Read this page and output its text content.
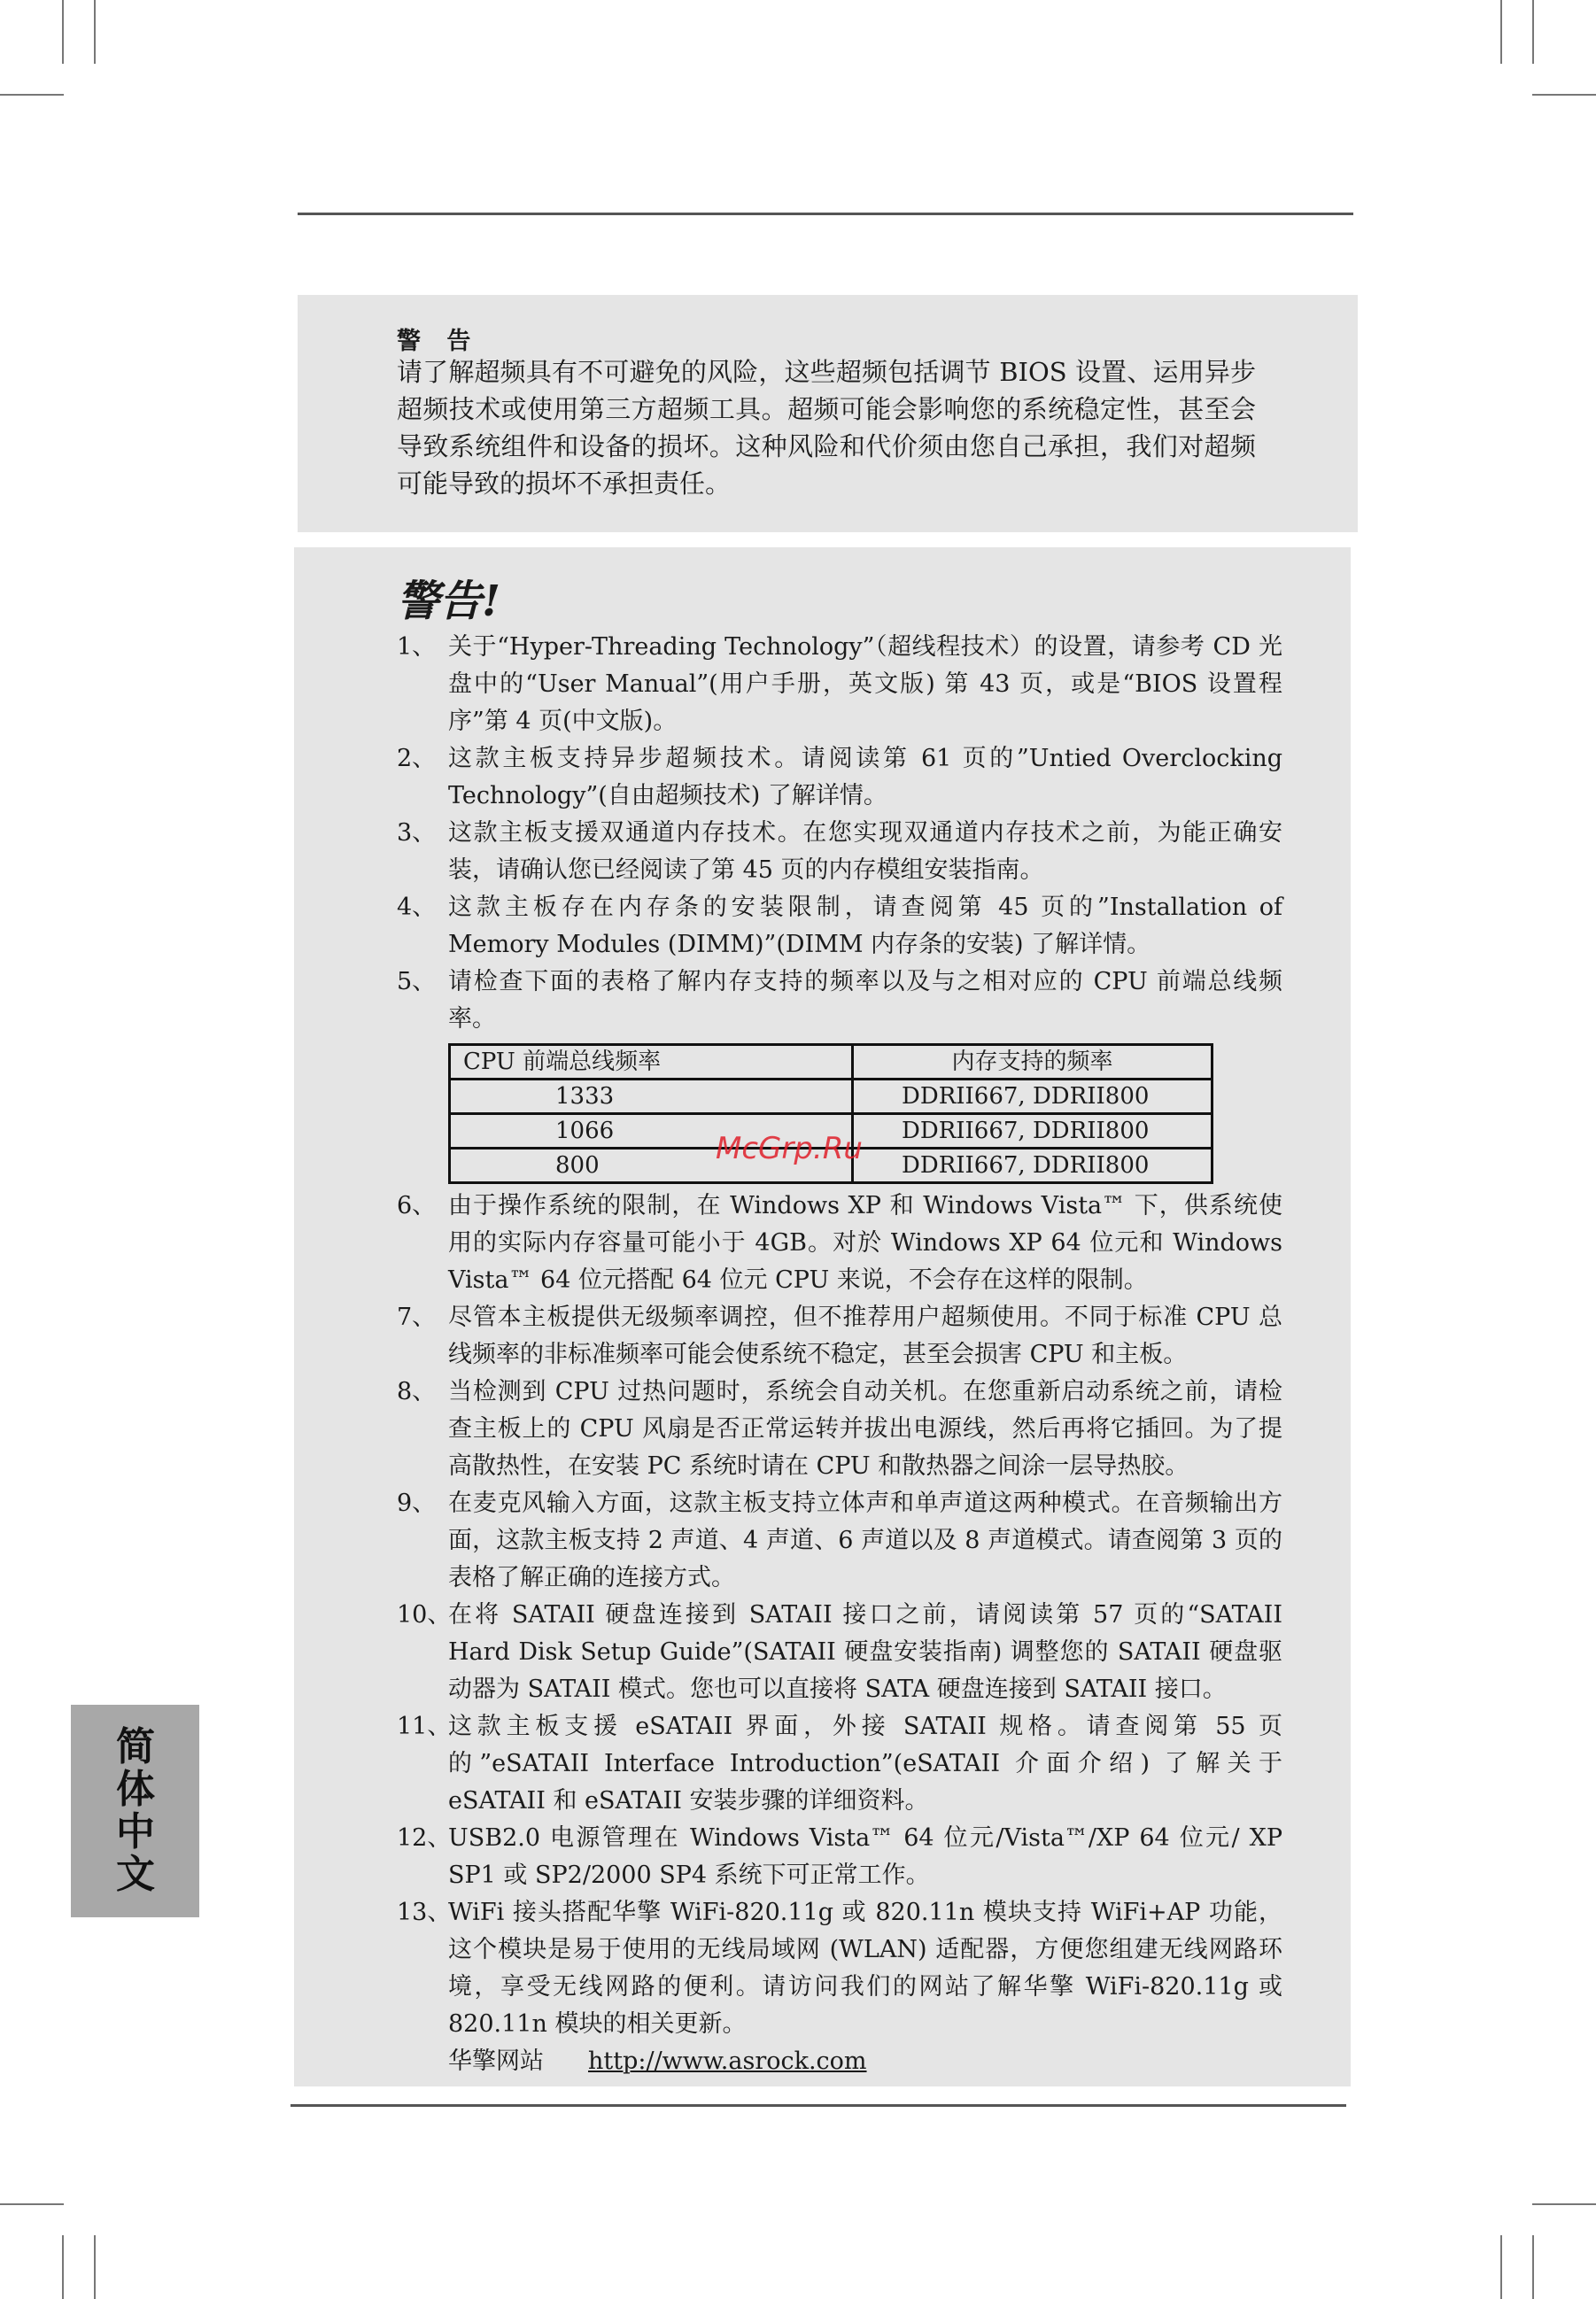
警 告
请了解超频具有不可避免的风险，这些超频包括调节 BIOS 设置、运用异步超频技术或使用第三方超频工具。超频可能会影响您的系统稳定性，甚至会导致系统组件和设备的损坏。这种风险和代价须由您自己承担，我们对超频可能导致的损坏不承担责任。
警告!
1、 关于“Hyper-Threading Technology”（超线程技术）的设置，请参考 CD 光盘中的“User Manual”(用户手册，英文版) 第 43 页，或是“BIOS 设置程序”第 4 页(中文版)。
2、 这款主板支持异步超频技术。请阅读第 61 页的”Untied Overclocking Technology”(自由超频技术) 了解详情。
3、 这款主板支援双通道内存技术。在您实现双通道内存技术之前，为能正确安装，请确认您已经阅读了第 45 页的内存模组安装指南。
4、 这款主板存在内存条的安装限制，请查阅第 45 页的”Installation of Memory Modules (DIMM)”(DIMM 内存条的安装) 了解详情。
5、 请检查下面的表格了解内存支持的频率以及与之相对应的 CPU 前端总线频率。
CPU 前端总线频率	内存支持的频率
1333	DDRII667, DDRII800
1066	DDRII667, DDRII800
800	DDRII667, DDRII800
6、 由于操作系统的限制，在 Windows XP 和 Windows Vista™ 下，供系统使用的实际内存容量可能小于 4GB。对於 Windows XP 64 位元和 Windows Vista™ 64 位元搭配 64 位元 CPU 来说，不会存在这样的限制。
7、 尽管本主板提供无级频率调控，但不推荐用户超频使用。不同于标准 CPU 总线频率的非标准频率可能会使系统不稳定，甚至会损害 CPU 和主板。
8、 当检测到 CPU 过热问题时，系统会自动关机。在您重新启动系统之前，请检查主板上的 CPU 风扇是否正常运转并拔出电源线，然后再将它插回。为了提高散热性，在安装 PC 系统时请在 CPU 和散热器之间涂一层导热胶。
9、 在麦克风输入方面，这款主板支持立体声和单声道这两种模式。在音频输出方面，这款主板支持 2 声道、4 声道、6 声道以及 8 声道模式。请查阅第 3 页的表格了解正确的连接方式。
10、
在将 SATAII 硬盘连接到 SATAII 接口之前，请阅读第 57 页的“SATAII Hard Disk Setup Guide”(SATAII 硬盘安装指南) 调整您的 SATAII 硬盘驱动器为 SATAII 模式。您也可以直接将 SATA 硬盘连接到 SATAII 接口。
11、
这款主板支援 eSATAII 界面，外接 SATAII 规格。请查阅第 55 页的”eSATAII Interface Introduction”(eSATAII 介面介绍) 了解关于 eSATAII 和 eSATAII 安装步骤的详细资料。
12、
USB2.0 电源管理在 Windows Vista™ 64 位元/Vista™/XP 64 位元/ XP SP1 或 SP2/2000 SP4 系统下可正常工作。
13、
WiFi 接头搭配华擎 WiFi-820.11g 或 820.11n 模块支持 WiFi+AP 功能，这个模块是易于使用的无线局域网 (WLAN) 适配器，方便您组建无线网路环境，享受无线网路的便利。请访问我们的网站了解华擎 WiFi-820.11g 或 820.11n 模块的相关更新。
华擎网站 http://www.asrock.com
McGrp.Ru
简体中文
